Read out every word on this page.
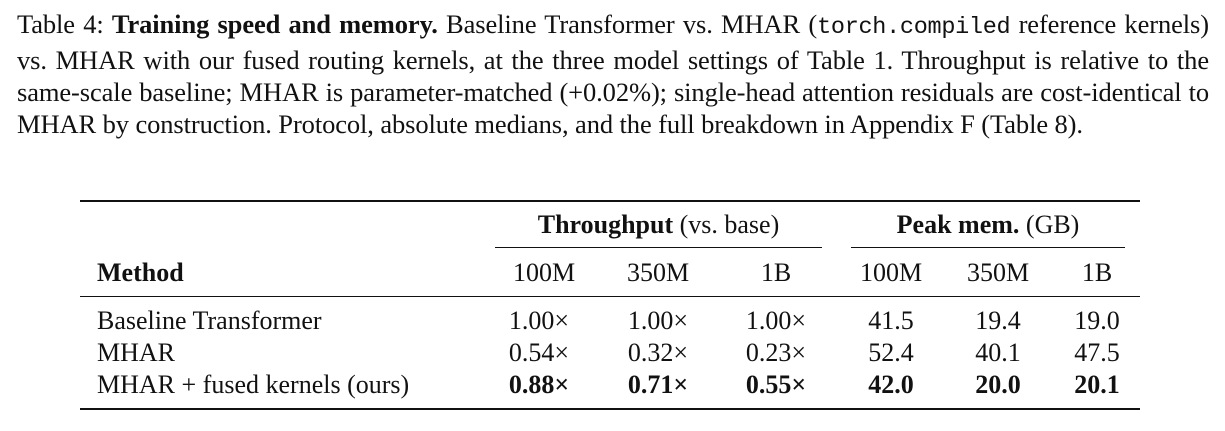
Table 4: Training speed and memory. Baseline Transformer vs. MHAR (torch.compiled reference kernels) vs. MHAR with our fused routing kernels, at the three model settings of Table 1. Throughput is relative to the same-scale baseline; MHAR is parameter-matched (+0.02%); single-head attention residuals are cost-identical to MHAR by construction. Protocol, absolute medians, and the full breakdown in Appendix F (Table 8).
Throughput (vs. base)	Peak mem. (GB)
Method	100M	350M	1B	100M	350M	1B
Baseline Transformer	1.00×	1.00×	1.00×	41.5	19.4	19.0
MHAR	0.54×	0.32×	0.23×	52.4	40.1	47.5
MHAR + fused kernels (ours)	0.88×	0.71×	0.55×	42.0	20.0	20.1
